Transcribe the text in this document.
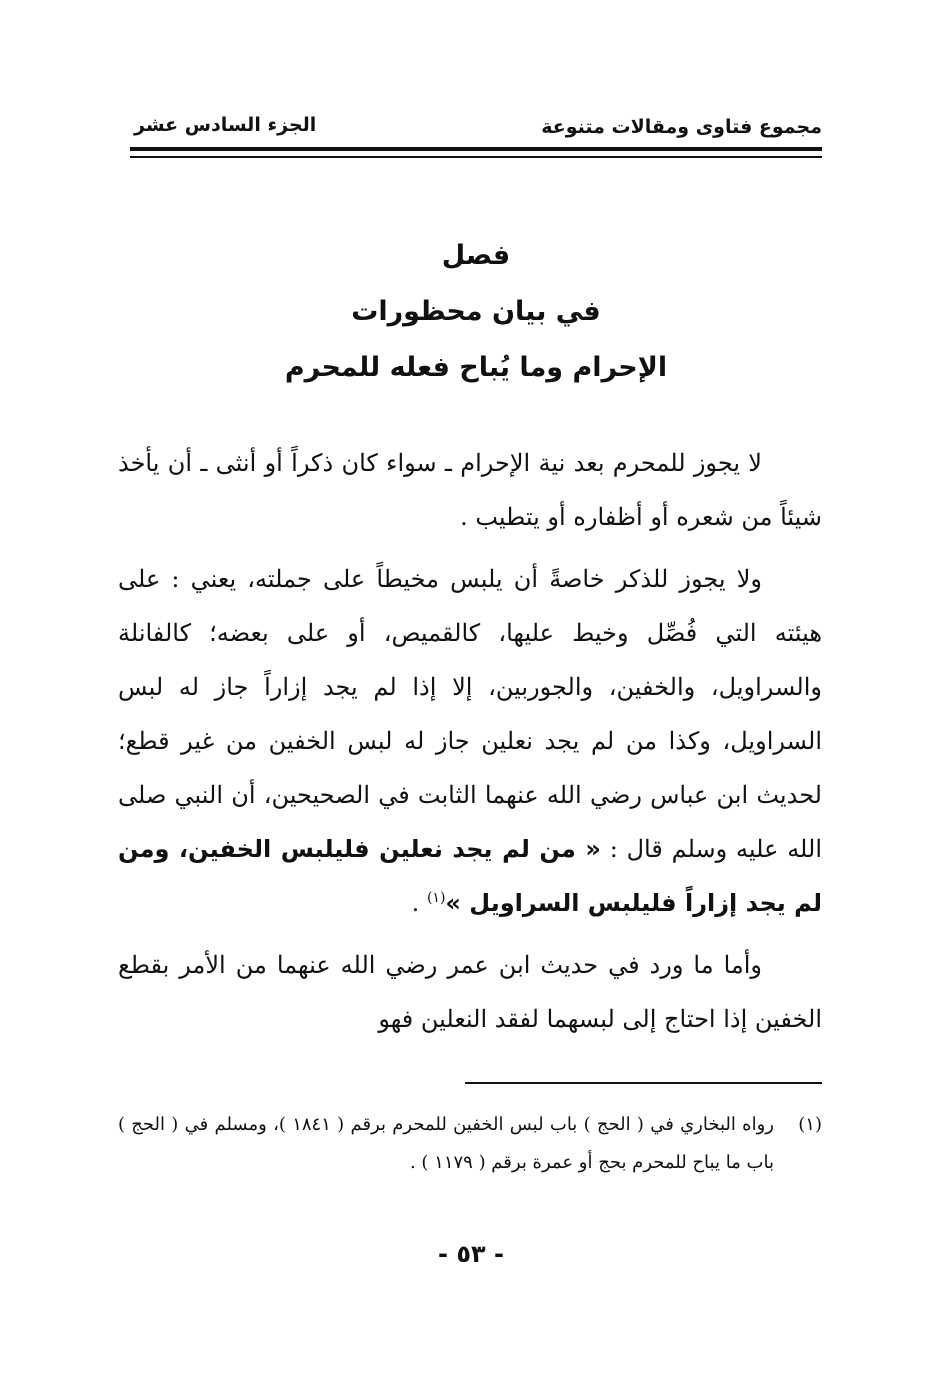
مجموع فتاوى ومقالات متنوعة
الجزء السادس عشر
فصل
في بيان محظورات
الإحرام وما يُباح فعله للمحرم

لا يجوز للمحرم بعد نية الإحرام ـ سواء كان ذكراً أو أنثى ـ أن يأخذ شيئاً من شعره أو أظفاره أو يتطيب .

ولا يجوز للذكر خاصةً أن يلبس مخيطاً على جملته، يعني : على هيئته التي فُصِّل وخيط عليها، كالقميص، أو على بعضه؛ كالفانلة والسراويل، والخفين، والجوربين، إلا إذا لم يجد إزاراً جاز له لبس السراويل، وكذا من لم يجد نعلين جاز له لبس الخفين من غير قطع؛ لحديث ابن عباس رضي الله عنهما الثابت في الصحيحين، أن النبي صلى الله عليه وسلم قال : « من لم يجد نعلين فليلبس الخفين، ومن لم يجد إزاراً فليلبس السراويل »$^{(١)}$ .

وأما ما ورد في حديث ابن عمر رضي الله عنهما من الأمر بقطع الخفين إذا احتاج إلى لبسهما لفقد النعلين فهو

(١)
رواه البخاري في ( الحج ) باب لبس الخفين للمحرم برقم ( ١٨٤١ )، ومسلم في ( الحج ) باب ما يباح للمحرم بحج أو عمرة برقم ( ١١٧٩ ) .
- ٥٣ -
